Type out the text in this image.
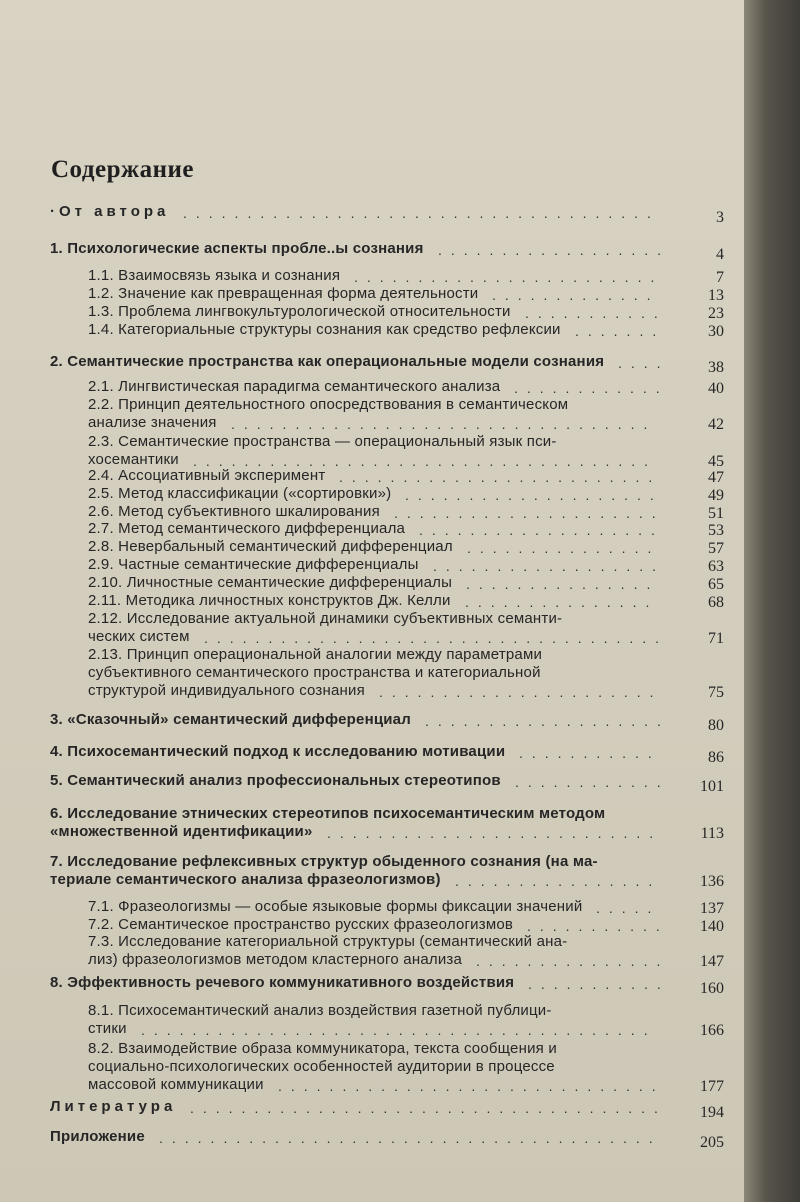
Содержание
·От автора	3
.....................................
1. Психологические аспекты пробле..ы сознания	4
..................
1.1. Взаимосвязь языка и сознания	7
........................
1.2. Значение как превращенная форма деятельности	13
.............
1.3. Проблема лингвокультурологической относительности	23
...........
1.4. Категориальные структуры сознания как средство рефлексии	30
.......
2. Семантические пространства как операциональные модели сознания	38
....
2.1. Лингвистическая парадигма семантического анализа	40
............
2.2. Принцип деятельностного опосредствования в семантическом
анализе значения	42
.................................
2.3. Семантические пространства — операциональный язык пси-
хосемантики	45
....................................
2.4. Ассоциативный эксперимент	47
.........................
2.5. Метод классификации («сортировки»)	49
....................
2.6. Метод субъективного шкалирования	51
.....................
2.7. Метод семантического дифференциала	53
...................
2.8. Невербальный семантический дифференциал	57
...............
2.9. Частные семантические дифференциалы	63
..................
2.10. Личностные семантические дифференциалы	65
...............
2.11. Методика личностных конструктов Дж. Келли	68
...............
2.12. Исследование актуальной динамики субъективных семанти-
ческих систем	71
....................................
2.13. Принцип операциональной аналогии между параметрами
субъективного семантического пространства и категориальной
структурой индивидуального сознания	75
......................
3. «Сказочный» семантический дифференциал	80
...................
4. Психосемантический подход к исследованию мотивации	86
...........
5. Семантический анализ профессиональных стереотипов	101
............
6. Исследование этнических стереотипов психосемантическим методом
«множественной идентификации»	113
..........................
7. Исследование рефлексивных структур обыденного сознания (на ма-
териале семантического анализа фразеологизмов)	136
................
7.1. Фразеологизмы — особые языковые формы фиксации значений	137
.....
7.2. Семантическое пространство русских фразеологизмов	140
...........
7.3. Исследование категориальной структуры (семантический ана-
лиз) фразеологизмов методом кластерного анализа	147
...............
8. Эффективность речевого коммуникативного воздействия	160
...........
8.1. Психосемантический анализ воздействия газетной публици-
стики	166
........................................
8.2. Взаимодействие образа коммуникатора, текста сообщения и
социально-психологических особенностей аудитории в процессе
массовой коммуникации	177
..............................
Литература	194
.....................................
Приложение	205
.......................................
